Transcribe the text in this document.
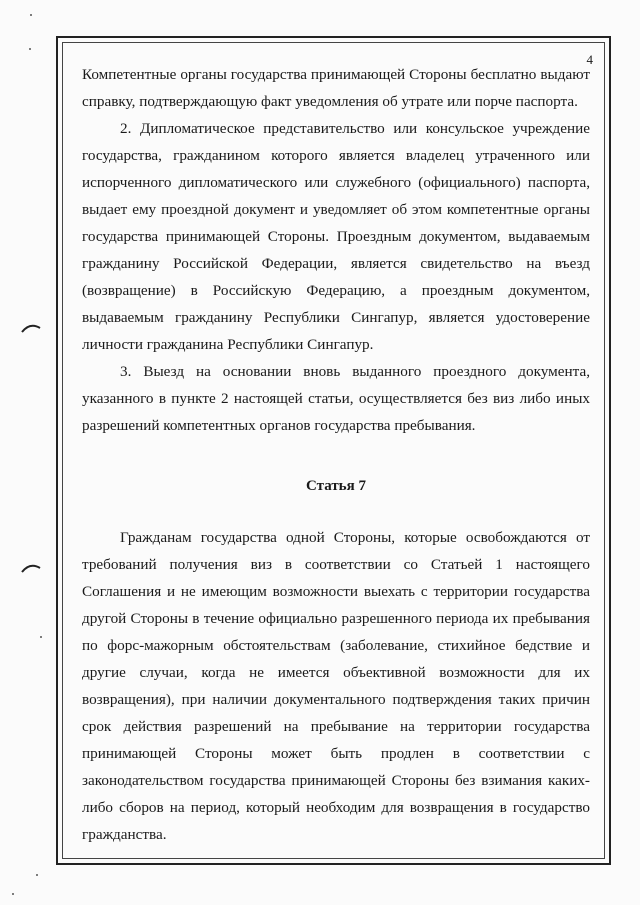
4

Компетентные органы государства принимающей Стороны бесплатно выдают справку, подтверждающую факт уведомления об утрате или порче паспорта.

2. Дипломатическое представительство или консульское учреждение государства, гражданином которого является владелец утраченного или испорченного дипломатического или служебного (официального) паспорта, выдает ему проездной документ и уведомляет об этом компетентные органы государства принимающей Стороны. Проездным документом, выдаваемым гражданину Российской Федерации, является свидетельство на въезд (возвращение) в Российскую Федерацию, а проездным документом, выдаваемым гражданину Республики Сингапур, является удостоверение личности гражданина Республики Сингапур.

3. Выезд на основании вновь выданного проездного документа, указанного в пункте 2 настоящей статьи, осуществляется без виз либо иных разрешений компетентных органов государства пребывания.

Статья 7

Гражданам государства одной Стороны, которые освобождаются от требований получения виз в соответствии со Статьей 1 настоящего Соглашения и не имеющим возможности выехать с территории государства другой Стороны в течение официально разрешенного периода их пребывания по форс-мажорным обстоятельствам (заболевание, стихийное бедствие и другие случаи, когда не имеется объективной возможности для их возвращения), при наличии документального подтверждения таких причин срок действия разрешений на пребывание на территории государства принимающей Стороны может быть продлен в соответствии с законодательством государства принимающей Стороны без взимания каких-либо сборов на период, который необходим для возвращения в государство гражданства.
